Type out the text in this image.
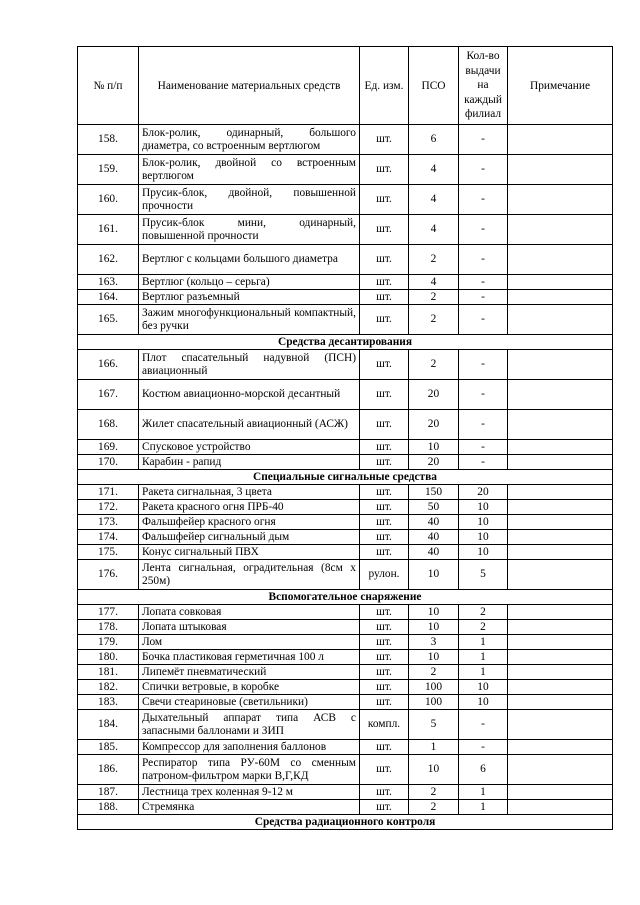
№ п/п	Наименование материальных средств	Ед. изм.	ПСО	Кол-во выдачи на каждый филиал	Примечание
158.	Блок-ролик, одинарный, большого диаметра, со встроенным вертлюгом	шт.	6	-	
159.	Блок-ролик, двойной со встроенным вертлюгом	шт.	4	-	
160.	Прусик-блок, двойной, повышенной прочности	шт.	4	-	
161.	Прусик-блок мини, одинарный, повышенной прочности	шт.	4	-	
162.	Вертлюг с кольцами большого диаметра	шт.	2	-	
163.	Вертлюг (кольцо – серьга)	шт.	4	-	
164.	Вертлюг разъемный	шт.	2	-	
165.	Зажим многофункциональный компактный, без ручки	шт.	2	-	
Средства десантирования					
166.	Плот спасательный надувной (ПСН) авиационный	шт.	2	-	
167.	Костюм авиационно-морской десантный	шт.	20	-	
168.	Жилет спасательный авиационный (АСЖ)	шт.	20	-	
169.	Спусковое устройство	шт.	10	-	
170.	Карабин - рапид	шт.	20	-	
Специальные сигнальные средства					
171.	Ракета сигнальная, 3 цвета	шт.	150	20	
172.	Ракета красного огня ПРБ-40	шт.	50	10	
173.	Фальшфейер красного огня	шт.	40	10	
174.	Фальшфейер сигнальный дым	шт.	40	10	
175.	Конус сигнальный ПВХ	шт.	40	10	
176.	Лента сигнальная, оградительная (8см х 250м)	рулон.	10	5	
Вспомогательное снаряжение					
177.	Лопата совковая	шт.	10	2	
178.	Лопата штыковая	шт.	10	2	
179.	Лом	шт.	3	1	
180.	Бочка пластиковая герметичная 100 л	шт.	10	1	
181.	Липемёт пневматический	шт.	2	1	
182.	Спички ветровые, в коробке	шт.	100	10	
183.	Свечи стеариновые (светильники)	шт.	100	10	
184.	Дыхательный аппарат типа АСВ с запасными баллонами и ЗИП	компл.	5	-	
185.	Компрессор для заполнения баллонов	шт.	1	-	
186.	Респиратор типа РУ-60М со сменным патроном-фильтром марки В,Г,КД	шт.	10	6	
187.	Лестница трех коленная 9-12 м	шт.	2	1	
188.	Стремянка	шт.	2	1	
Средства радиационного контроля					
